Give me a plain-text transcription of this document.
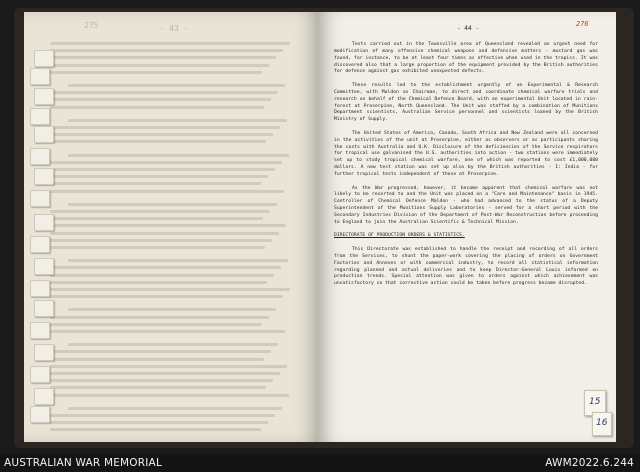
275	- 43 -	- 44 -
276

Tests carried out in the Townsville area of Queensland revealed an urgent need for modification of many offensive chemical weapons and defensive matters - mustard gas was found, for instance, to be at least four times as effective when used in the tropics. It was discovered also that a large proportion of the equipment provided by the British authorities for defence against gas exhibited unexpected defects.

These results led to the establishment urgently of an Experimental & Research Committee, with Maldon as Chairman, to direct and coordinate chemical warfare trials and research on behalf of the Chemical Defence Board, with an experimental Unit located in rain-forest at Proserpine, North Queensland. The Unit was staffed by a combination of Munitions Department scientists, Australian Service personnel and scientists loaned by the British Ministry of Supply.

The United States of America, Canada, South Africa and New Zealand were all concerned in the activities of the unit at Proserpine, either as observers or as participants sharing the costs with Australia and U.K. Disclosure of the deficiencies of the Service respirators for tropical use galvanised the U.S. authorities into action - two stations were immediately set up to study tropical chemical warfare, one of which was reported to cost £1,000,000 dollars. A new test station was set up also by the British authorities - I: India - for further tropical tests independent of those at Proserpine.

As the War progressed, however, it became apparent that chemical warfare was not likely to be resorted to and the Unit was placed on a "Care and Maintenance" basis in 1945. Controller of Chemical Defence Maldon - who had advanced to the status of a Deputy Superintendent of the Munitions Supply Laboratories - served for a short period with the Secondary Industries Division of the Department of Post-War Reconstruction before proceeding to England to join the Australian Scientific & Technical Mission.

DIRECTORATE OF PRODUCTION ORDERS & STATISTICS.

This Directorate was established to handle the receipt and recording of all orders from the Services, to shunt the paper-work covering the placing of orders on Government Factories and Annexes or with commercial industry, to record all statistical information regarding planned and actual deliveries and to keep Director-General Louis informed on production trends. Special attention was given to orders against which achievement was unsatisfactory so that corrective action could be taken before progress became disrupted.

15
16
AUSTRALIAN WAR MEMORIAL	AWM2022.6.244
